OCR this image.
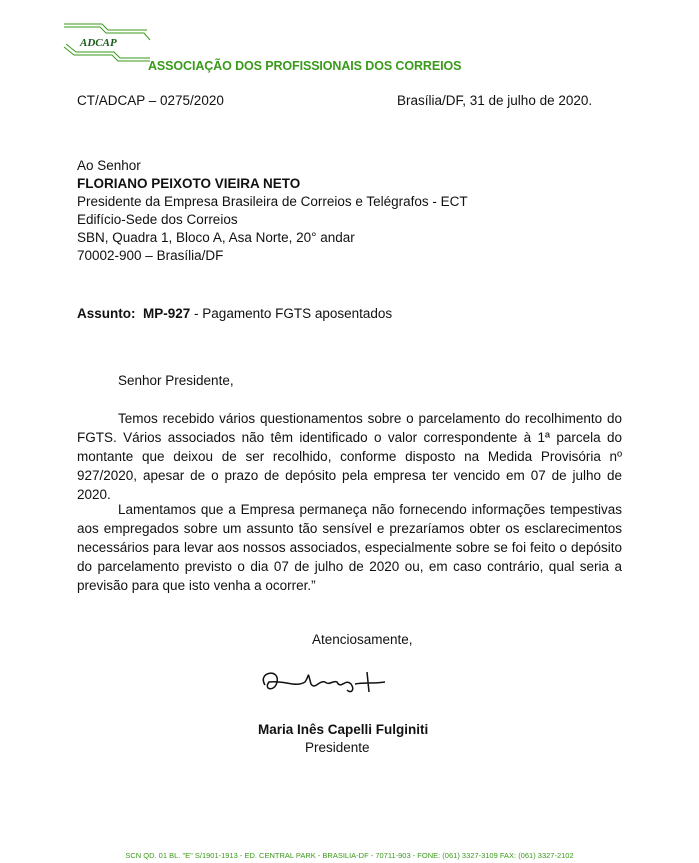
ADCAP
ASSOCIAÇÃO DOS PROFISSIONAIS DOS CORREIOS
CT/ADCAP – 0275/2020	Brasília/DF, 31 de julho de 2020.
Ao Senhor
FLORIANO PEIXOTO VIEIRA NETO
Presidente da Empresa Brasileira de Correios e Telégrafos - ECT
Edifício-Sede dos Correios
SBN, Quadra 1, Bloco A, Asa Norte, 20° andar
70002-900 – Brasília/DF
Assunto: MP-927 - Pagamento FGTS aposentados
Senhor Presidente,
Temos recebido vários questionamentos sobre o parcelamento do recolhimento do FGTS. Vários associados não têm identificado o valor correspondente à 1ª parcela do montante que deixou de ser recolhido, conforme disposto na Medida Provisória nº 927/2020, apesar de o prazo de depósito pela empresa ter vencido em 07 de julho de 2020.
Lamentamos que a Empresa permaneça não fornecendo informações tempestivas aos empregados sobre um assunto tão sensível e prezaríamos obter os esclarecimentos necessários para levar aos nossos associados, especialmente sobre se foi feito o depósito do parcelamento previsto o dia 07 de julho de 2020 ou, em caso contrário, qual seria a previsão para que isto venha a ocorrer.”
Atenciosamente,
Maria Inês Capelli Fulginiti
Presidente
SCN QD. 01 BL. "E" S/1901-1913 - ED. CENTRAL PARK - BRASILIA-DF - 70711-903 - FONE: (061) 3327-3109 FAX: (061) 3327-2102
